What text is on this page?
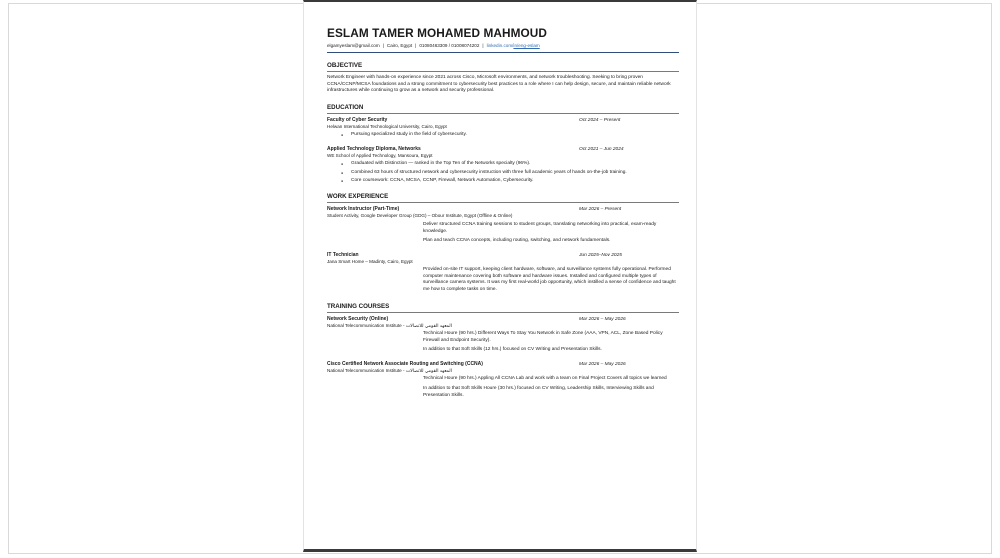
ESLAM TAMER MOHAMED MAHMOUD
elgamyeslam@gmail.com | Cairo, Egypt | 01080463309 / 01008074202 | linkedin.com/in/eng-eslam
OBJECTIVE

Network Engineer with hands-on experience since 2021 across Cisco, Microsoft environments, and network troubleshooting. Seeking to bring proven CCNA/CCNP/MCSA foundations and a strong commitment to cybersecurity best practices to a role where I can help design, secure, and maintain reliable network infrastructures while continuing to grow as a network and security professional.

EDUCATION
Faculty of Cyber Security	Oct 2024 – Present
Helwan International Technological University, Cairo, Egypt
● Pursuing specialized study in the field of cybersecurity.
Applied Technology Diploma, Networks	Oct 2021 – Jun 2024
WE School of Applied Technology, Mansoura, Egypt
● Graduated with Distinction — ranked in the Top Ten of the Networks specialty (96%).
● Combined 63 hours of structured network and cybersecurity instruction with three full academic years of hands on-the-job training.
● Core coursework: CCNA, MCSA, CCNP, Firewall, Network Automation, Cybersecurity.
WORK EXPERIENCE
Network Instructor (Part-Time)	Mar 2026 – Present
Student Activity, Google Developer Group (GDG) – Obour Institute, Egypt (Offline & Online)

Deliver structured CCNA training sessions to student groups, translating networking into practical, exam-ready knowledge.

Plan and teach CCNA concepts, including routing, switching, and network fundamentals.

IT Technician	Jun 2025–Nov 2025
Jana Smart Home – Madinty, Cairo, Egypt

Provided on-site IT support, keeping client hardware, software, and surveillance systems fully operational. Performed computer maintenance covering both software and hardware issues. Installed and configured multiple types of surveillance camera systems. It was my first real-world job opportunity, which instilled a sense of confidence and taught me how to complete tasks on time.

TRAINING COURSES
Network Security (Online)	Mar 2026 – May 2026
National Telecommunication Institute - المعهد القومي للاتصالات

Technical Houre (90 hrs.) Different Ways To Stay You Network in Safe Zone (AAA, VPN, ACL, Zone Based Policy Firewall and Endpoint Security).

In addition to that Soft Skills (12 hrs.) focused on CV Writing and Presentation Skills.

Cisco Certified Network Associate Routing and Switching (CCNA)	Mar 2026 – May 2026
National Telecommunication Institute - المعهد القومي للاتصالات

Technical Houre (90 hrs.) Appling All CCNA Lab and work with a team on Final Project Covers all topics we learned

In addition to that Soft Skills Houre (30 hrs.) focused on CV Writing, Leadership Skills, Interviewing Skills and Presentation Skills.
